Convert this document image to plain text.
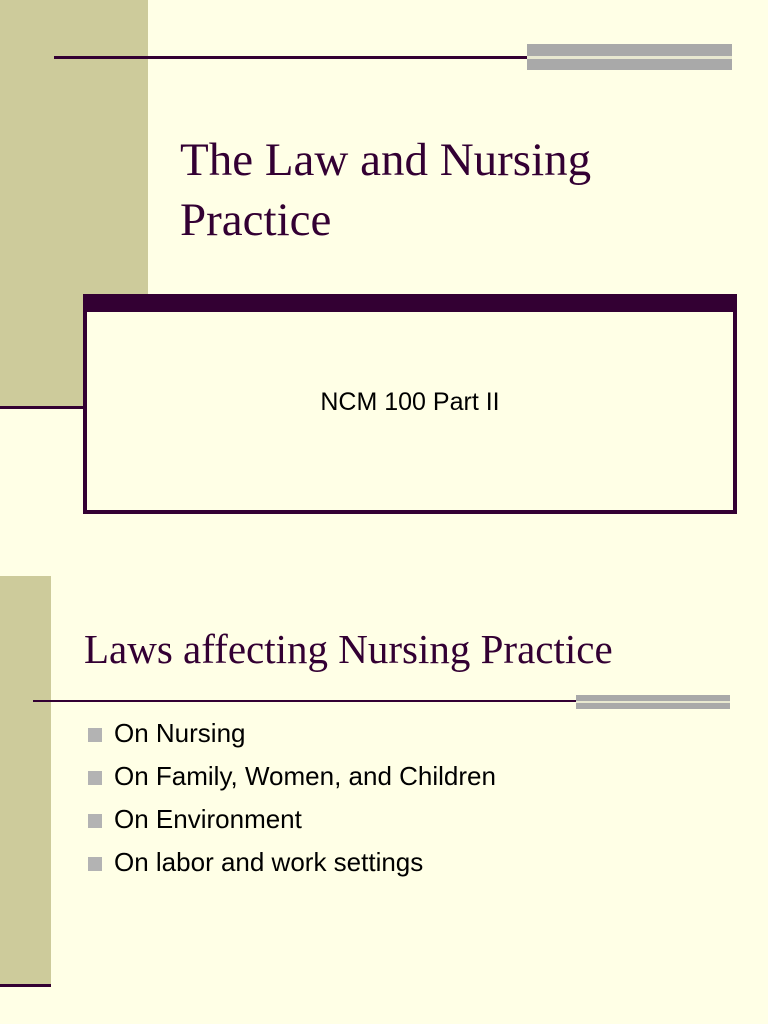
The Law and Nursing Practice
NCM 100 Part II
Laws affecting Nursing Practice
On Nursing
On Family, Women, and Children
On Environment
On labor and work settings
